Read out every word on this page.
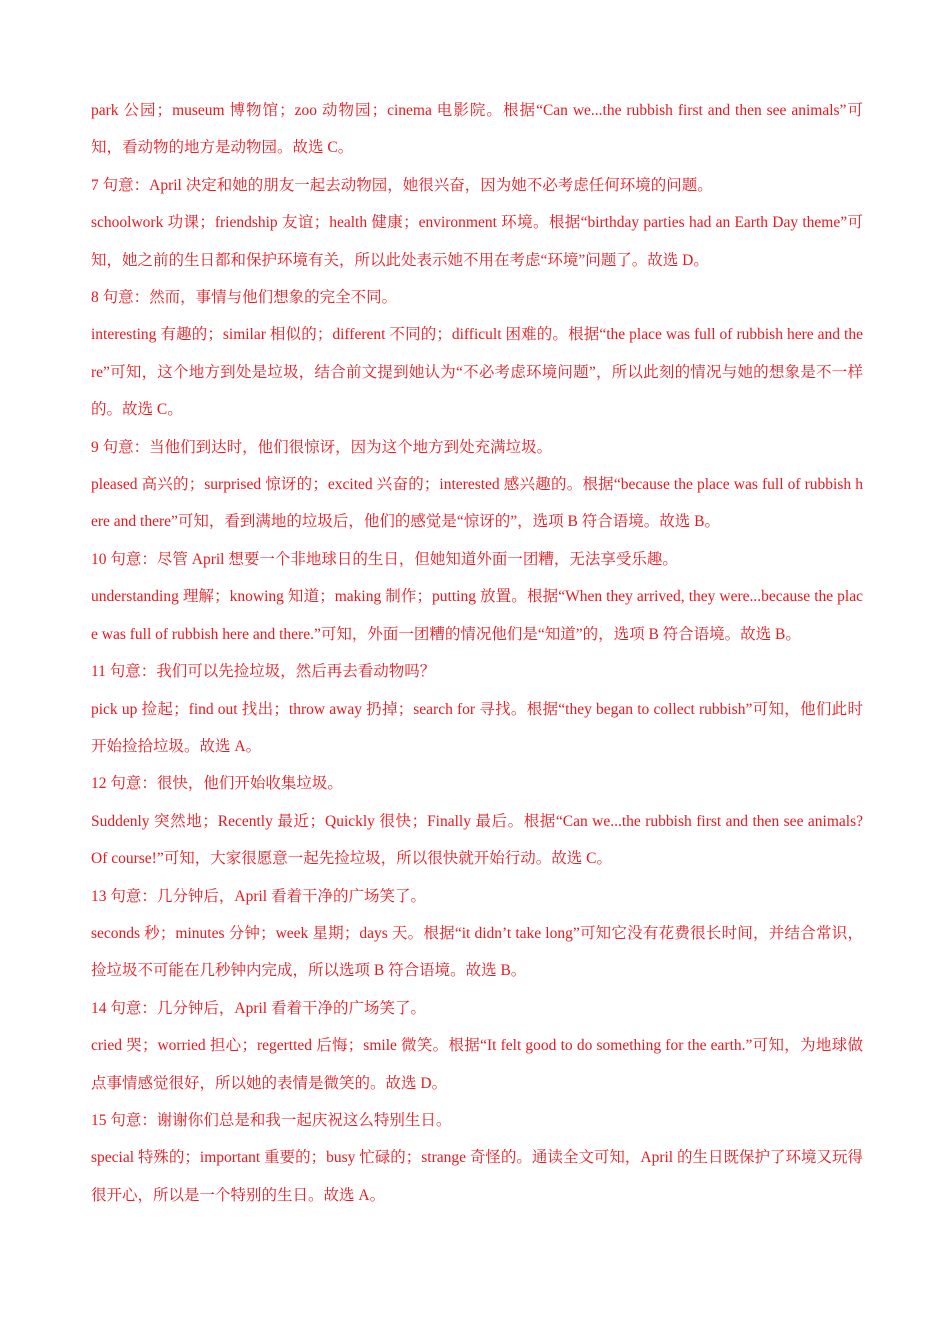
park 公园；museum 博物馆；zoo 动物园；cinema 电影院。根据“Can we...the rubbish first and then see animals”可知，看动物的地方是动物园。故选 C。

7 句意：April 决定和她的朋友一起去动物园，她很兴奋，因为她不必考虑任何环境的问题。

schoolwork 功课；friendship 友谊；health 健康；environment 环境。根据“birthday parties had an Earth Day theme”可知，她之前的生日都和保护环境有关，所以此处表示她不用在考虑“环境”问题了。故选 D。

8 句意：然而，事情与他们想象的完全不同。

interesting 有趣的；similar 相似的；different 不同的；difficult 困难的。根据“the place was full of rubbish here and there”可知，这个地方到处是垃圾，结合前文提到她认为“不必考虑环境问题”，所以此刻的情况与她的想象是不一样的。故选 C。

9 句意：当他们到达时，他们很惊讶，因为这个地方到处充满垃圾。

pleased 高兴的；surprised 惊讶的；excited 兴奋的；interested 感兴趣的。根据“because the place was full of rubbish here and there”可知，看到满地的垃圾后，他们的感觉是“惊讶的”，选项 B 符合语境。故选 B。

10 句意：尽管 April 想要一个非地球日的生日，但她知道外面一团糟，无法享受乐趣。

understanding 理解；knowing 知道；making 制作；putting 放置。根据“When they arrived, they were...because the place was full of rubbish here and there.”可知，外面一团糟的情况他们是“知道”的，选项 B 符合语境。故选 B。

11 句意：我们可以先捡垃圾，然后再去看动物吗？

pick up 捡起；find out 找出；throw away 扔掉；search for 寻找。根据“they began to collect rubbish”可知，他们此时开始捡拾垃圾。故选 A。

12 句意：很快，他们开始收集垃圾。

Suddenly 突然地；Recently 最近；Quickly 很快；Finally 最后。根据“Can we...the rubbish first and then see animals? Of course!”可知，大家很愿意一起先捡垃圾，所以很快就开始行动。故选 C。

13 句意：几分钟后，April 看着干净的广场笑了。

seconds 秒；minutes 分钟；week 星期；days 天。根据“it didn’t take long”可知它没有花费很长时间，并结合常识，捡垃圾不可能在几秒钟内完成，所以选项 B 符合语境。故选 B。

14 句意：几分钟后，April 看着干净的广场笑了。

cried 哭；worried 担心；regertted 后悔；smile 微笑。根据“It felt good to do something for the earth.”可知，为地球做点事情感觉很好，所以她的表情是微笑的。故选 D。

15 句意：谢谢你们总是和我一起庆祝这么特别生日。

special 特殊的；important 重要的；busy 忙碌的；strange 奇怪的。通读全文可知，April 的生日既保护了环境又玩得很开心，所以是一个特别的生日。故选 A。
